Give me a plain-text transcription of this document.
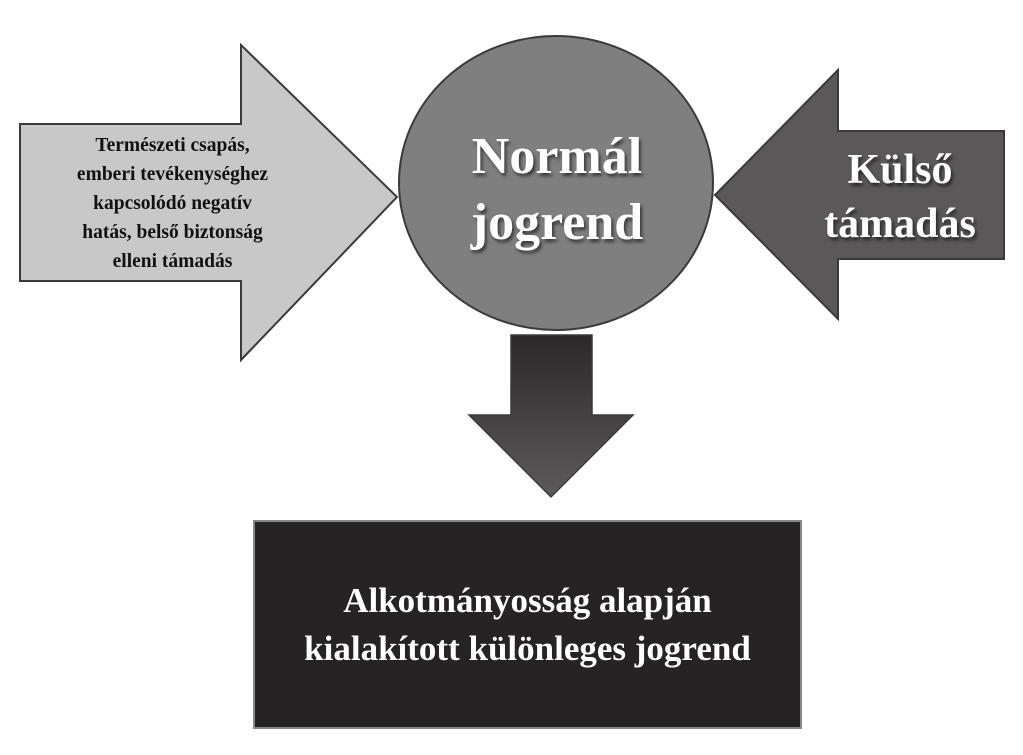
Természeti csapás,
emberi tevékenységhez
kapcsolódó negatív
hatás, belső biztonság
elleni támadás
Normál
jogrend
Külső
támadás
Alkotmányosság alapján
kialakított különleges jogrend
